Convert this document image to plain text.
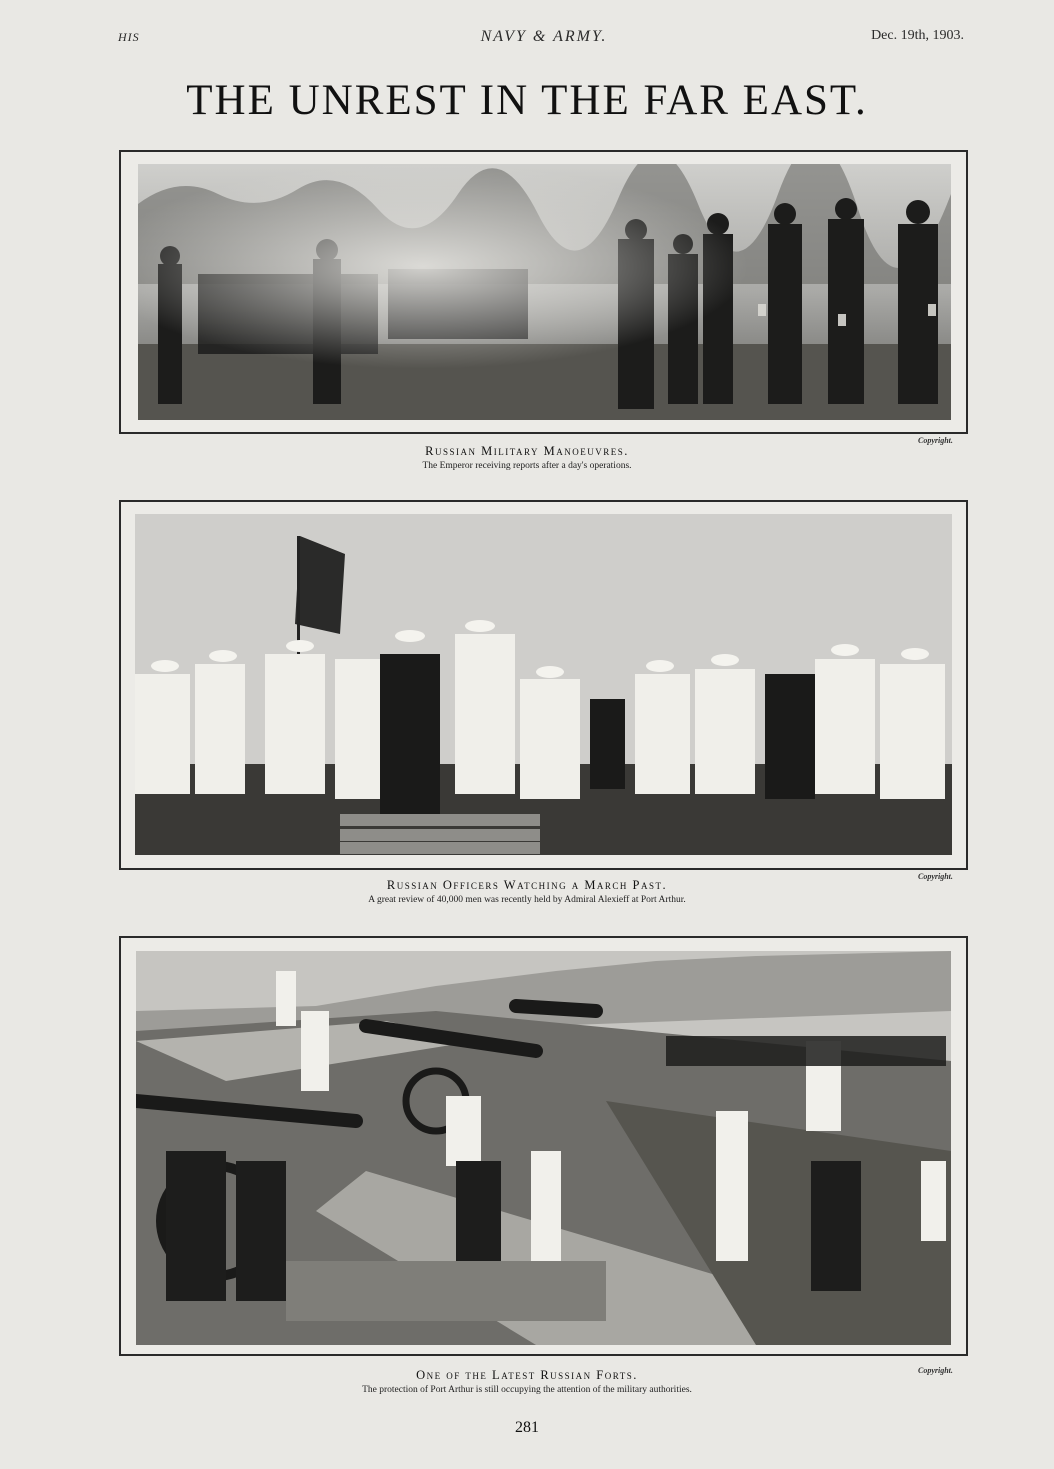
HIS	NAVY & ARMY.	Dec. 19th, 1903.
THE UNREST IN THE FAR EAST.
Copyright.
Russian Military Manoeuvres.
The Emperor receiving reports after a day's operations.
Copyright.
Russian Officers Watching a March Past.
A great review of 40,000 men was recently held by Admiral Alexieff at Port Arthur.
Copyright.
One of the Latest Russian Forts.
The protection of Port Arthur is still occupying the attention of the military authorities.
281
